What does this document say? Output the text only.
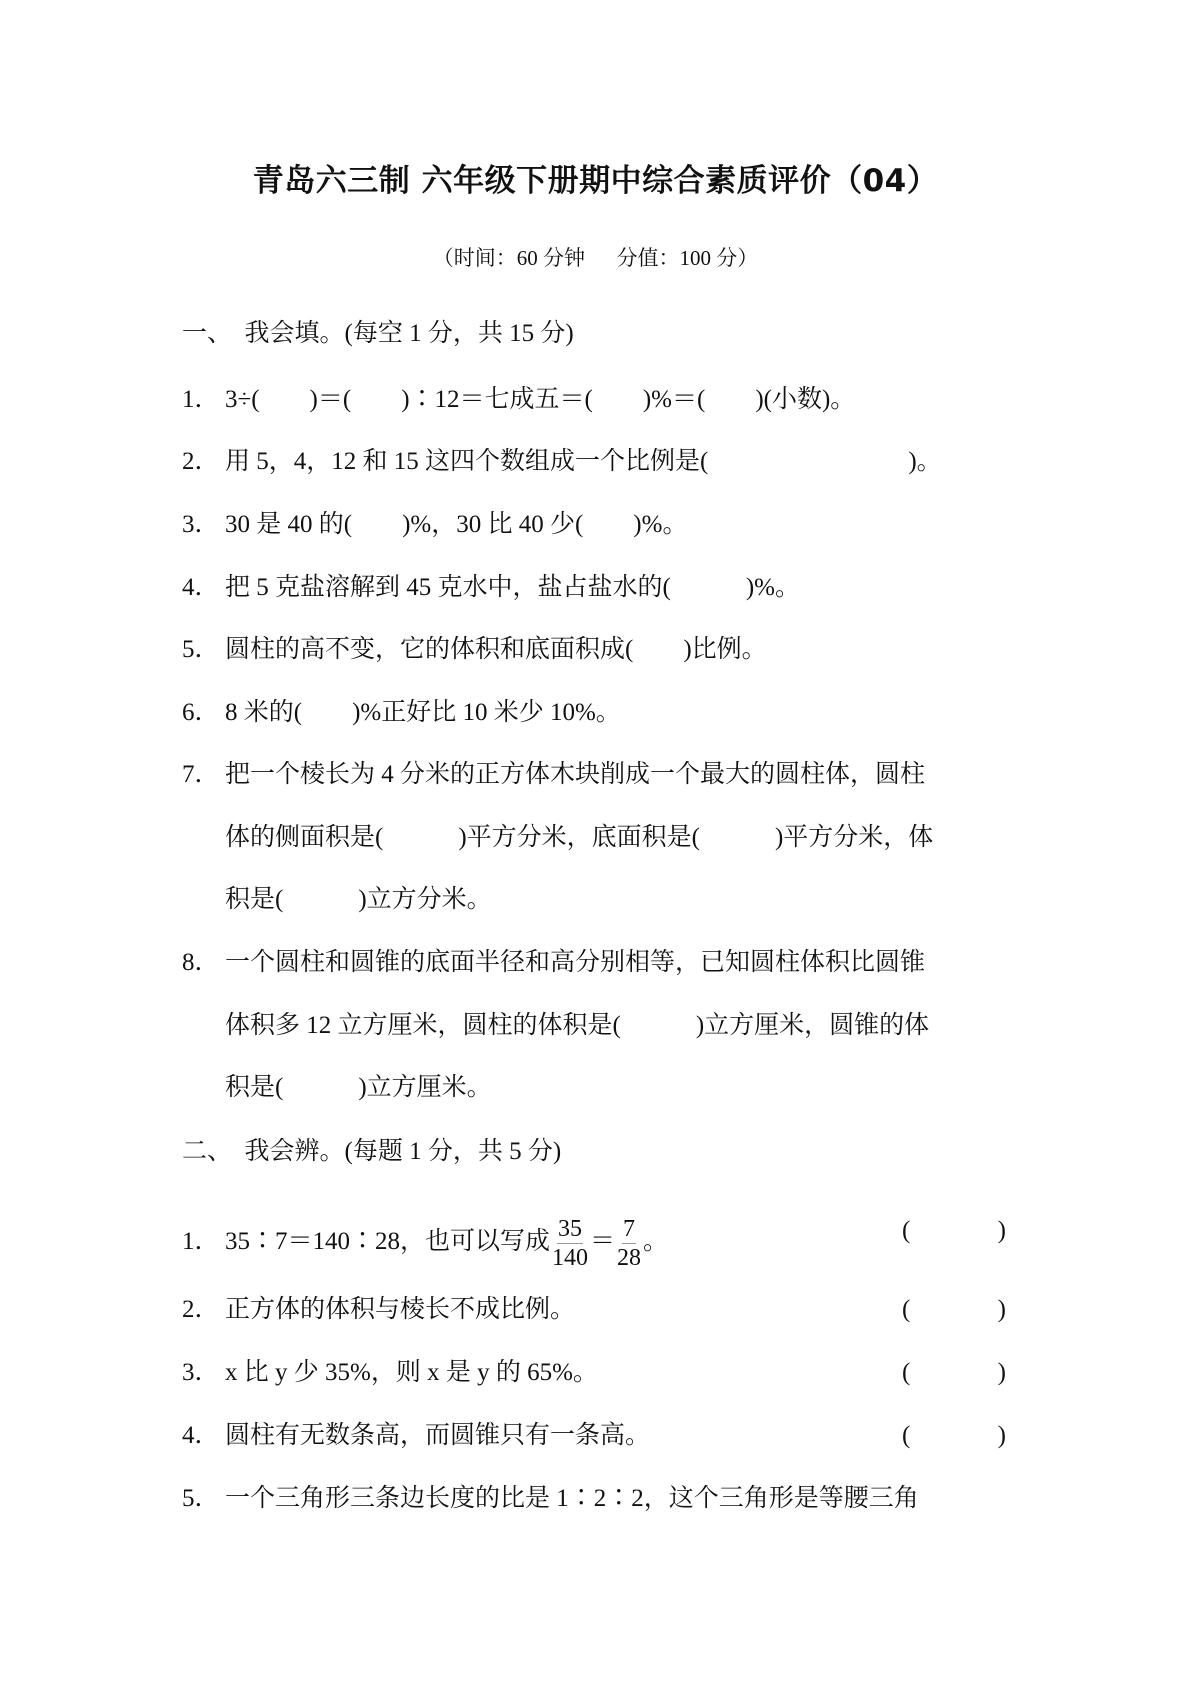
青岛六三制 六年级下册期中综合素质评价（04）
（时间：60 分钟      分值：100 分）
一、  我会填。(每空 1 分，共 15 分)
1． 3÷(　　)＝(　　)∶12＝七成五＝(　　)%＝(　　)(小数)。
2． 用 5，4，12 和 15 这四个数组成一个比例是(　　　　　　　　)。
3． 30 是 40 的(　　)%，30 比 40 少(　　)%。
4． 把 5 克盐溶解到 45 克水中，盐占盐水的(　　　)%。
5． 圆柱的高不变，它的体积和底面积成(　　)比例。
6． 8 米的(　　)%正好比 10 米少 10%。
7． 把一个棱长为 4 分米的正方体木块削成一个最大的圆柱体，圆柱
体的侧面积是(　　　)平方分米，底面积是(　　　)平方分米，体
积是(　　　)立方分米。
8． 一个圆柱和圆锥的底面半径和高分别相等，已知圆柱体积比圆锥
体积多 12 立方厘米，圆柱的体积是(　　　)立方厘米，圆锥的体
积是(　　　)立方厘米。
二、  我会辨。(每题 1 分，共 5 分)
1． 35∶7＝140∶28，也可以写成 $\frac{35}{140} = \frac{7}{28}$ 。	(	)
2． 正方体的体积与棱长不成比例。	(	)
3． x 比 y 少 35%，则 x 是 y 的 65%。	(	)
4． 圆柱有无数条高，而圆锥只有一条高。	(	)
5． 一个三角形三条边长度的比是 1∶2∶2，这个三角形是等腰三角
